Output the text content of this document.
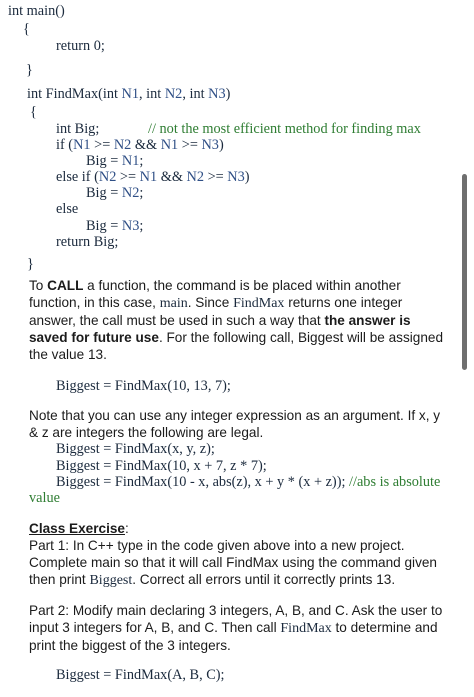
int main()
{
return 0;
}
int FindMax(int N1, int N2, int N3)
{
int Big;	// not the most efficient method for finding max
if (N1 >= N2 && N1 >= N3)
Big = N1;
else if (N2 >= N1 && N2 >= N3)
Big = N2;
else
Big = N3;
return Big;
}
To CALL a function, the command is be placed within another function, in this case, main. Since FindMax returns one integer answer, the call must be used in such a way that the answer is saved for future use. For the following call, Biggest will be assigned the value 13.
Biggest = FindMax(10, 13, 7);
Note that you can use any integer expression as an argument. If x, y & z are integers the following are legal.
Biggest = FindMax(x, y, z);
Biggest = FindMax(10, x + 7, z * 7);
Biggest = FindMax(10 - x, abs(z), x + y * (x + z)); //abs is absolute
value
Class Exercise:
Part 1: In C++ type in the code given above into a new project. Complete main so that it will call FindMax using the command given then print Biggest. Correct all errors until it correctly prints 13.
Part 2: Modify main declaring 3 integers, A, B, and C. Ask the user to input 3 integers for A, B, and C. Then call FindMax to determine and print the biggest of the 3 integers.
Biggest = FindMax(A, B, C);
